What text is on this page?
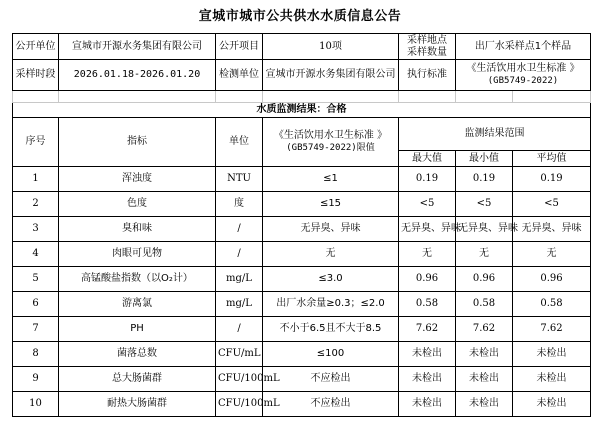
宣城市城市公共供水水质信息公告
公开单位	宣城市开源水务集团有限公司	公开项目	10项	采样地点
采样数量	出厂水采样点1个样品	
采样时段	2026.01.18-2026.01.20	检测单位	宣城市开源水务集团有限公司	执行标准	《生活饮用水卫生标准 》
(GB5749-2022)	

水质监测结果：合格						
序号	指标	单位	《生活饮用水卫生标准 》
(GB5749-2022)限值	监测结果范围		
				最大值	最小值	平均值
1	浑浊度	NTU	≤1	0.19	0.19	0.19
2	色度	度	≤15	<5	<5	<5
3	臭和味	/	无异臭、异味	无异臭、异味	无异臭、异味	无异臭、异味
4	肉眼可见物	/	无	无	无	无
5	高锰酸盐指数（以O₂计）	mg/L	≤3.0	0.96	0.96	0.96
6	游离氯	mg/L	出厂水余量≥0.3；≤2.0	0.58	0.58	0.58
7	PH	/	不小于6.5且不大于8.5	7.62	7.62	7.62
8	菌落总数	CFU/mL	≤100	未检出	未检出	未检出
9	总大肠菌群	CFU/100mL	不应检出	未检出	未检出	未检出
10	耐热大肠菌群	CFU/100mL	不应检出	未检出	未检出	未检出
